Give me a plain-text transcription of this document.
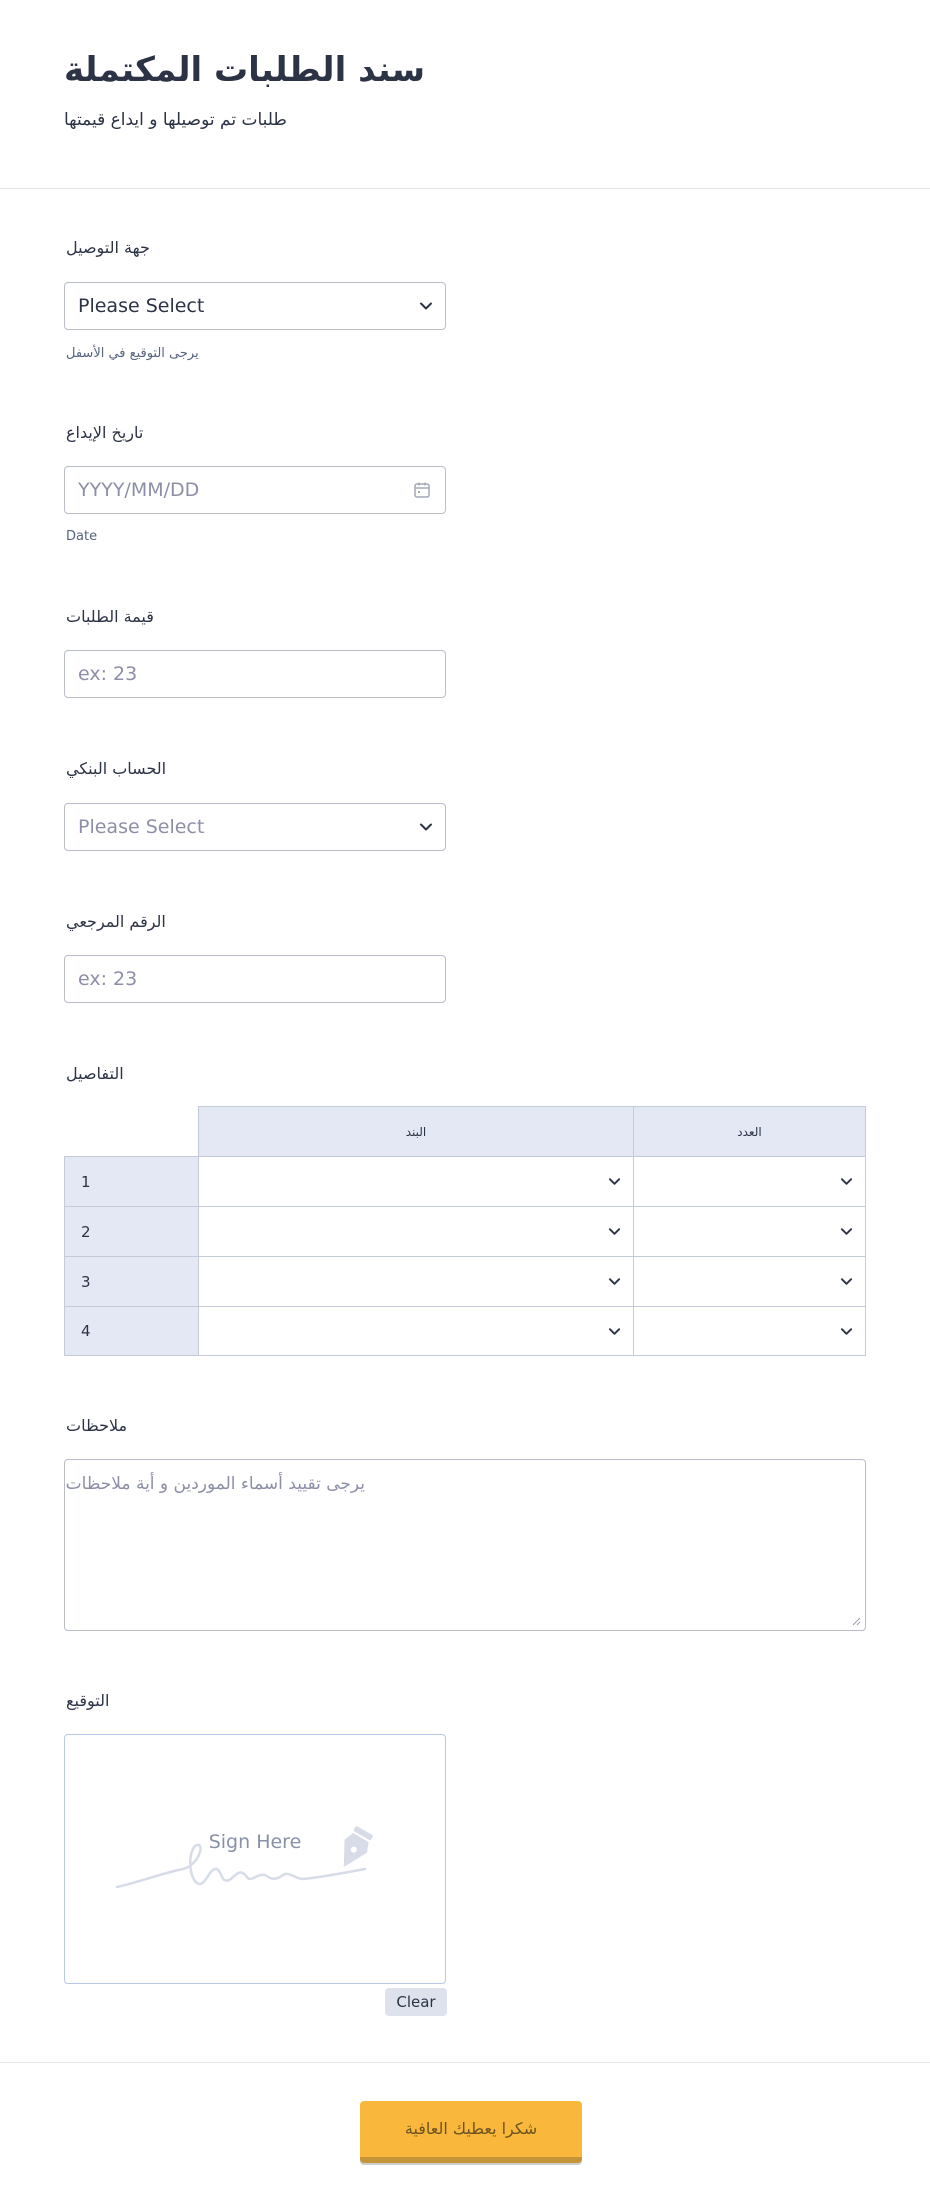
سند الطلبات المكتملة
طلبات تم توصيلها و ايداع قيمتها
جهة التوصيل
Please Select
يرجى التوقيع في الأسفل
تاريخ الإيداع
YYYY/MM/DD
Date
قيمة الطلبات
ex: 23
الحساب البنكي
Please Select
الرقم المرجعي
ex: 23
التفاصيل
	البند	العدد
1	

2	

3	

4	

ملاحظات
يرجى تقييد أسماء الموردين و أية ملاحظات
التوقيع
Sign Here
Clear
شكرا يعطيك العافية
